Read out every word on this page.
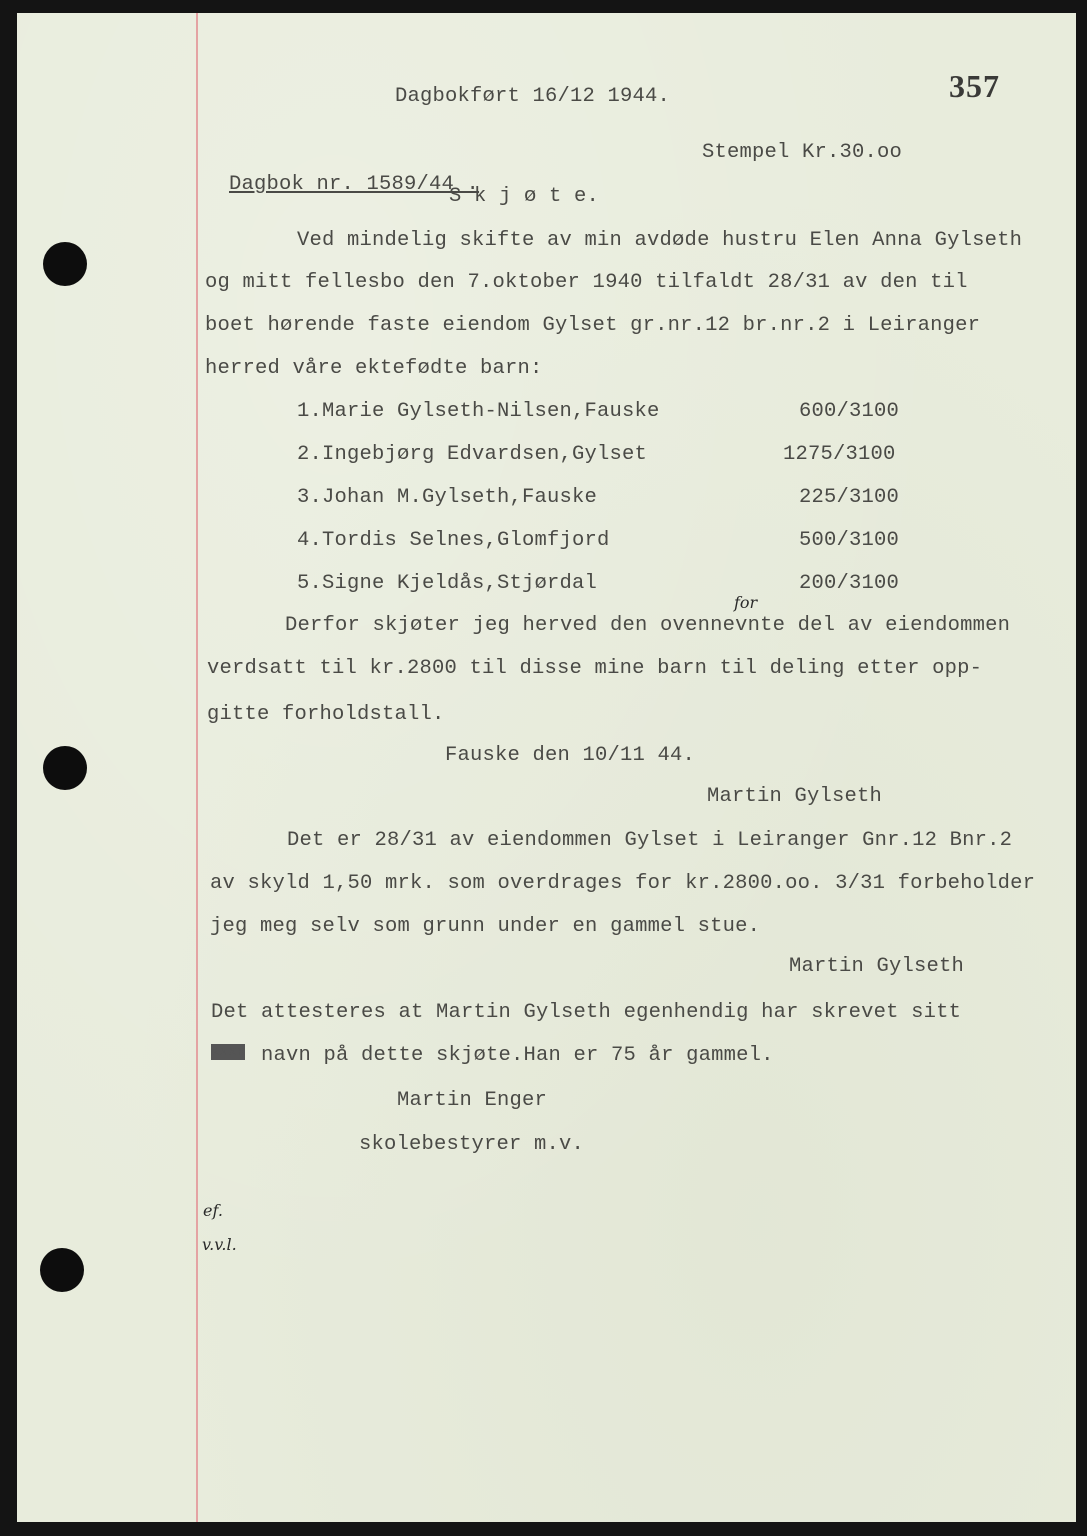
357
Dagbokført 16/12 1944.
Stempel Kr.30.oo
Dagbok nr. 1589/44 .
S k j ø t e.
Ved mindelig skifte av min avdøde hustru Elen Anna Gylseth
og mitt fellesbo den 7.oktober 1940 tilfaldt 28/31 av den til
boet hørende faste eiendom Gylset gr.nr.12 br.nr.2 i Leiranger
herred våre ektefødte barn:
1.Marie Gylseth-Nilsen,Fauske	600/3100
2.Ingebjørg Edvardsen,Gylset	1275/3100
3.Johan M.Gylseth,Fauske	225/3100
4.Tordis Selnes,Glomfjord	500/3100
5.Signe Kjeldås,Stjørdal	200/3100
for
Derfor skjøter jeg herved den ovennevnte del av eiendommen
verdsatt til kr.2800 til disse mine barn til deling etter opp-
gitte forholdstall.
Fauske den 10/11 44.
Martin Gylseth
Det er 28/31 av eiendommen Gylset i Leiranger Gnr.12 Bnr.2
av skyld 1,50 mrk. som overdrages for kr.2800.oo. 3/31 forbeholder
jeg meg selv som grunn under en gammel stue.
Martin Gylseth
Det attesteres at Martin Gylseth egenhendig har skrevet sitt
xxxx navn på dette skjøte.Han er 75 år gammel.
Martin Enger
skolebestyrer m.v.
ef.
v.v.l.
